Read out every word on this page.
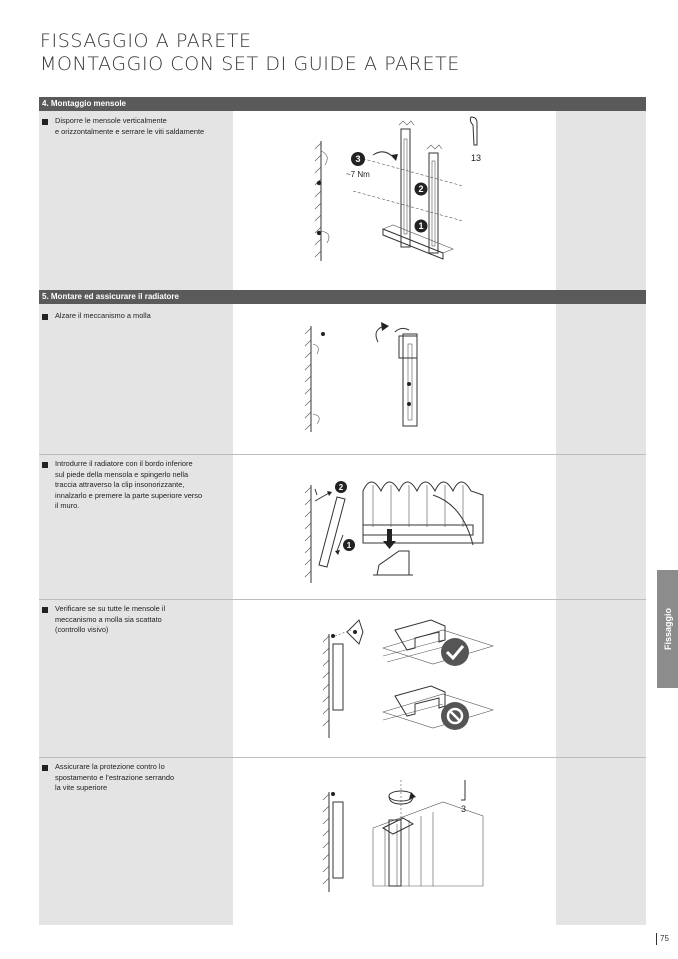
FISSAGGIO A PARETE
MONTAGGIO CON SET DI GUIDE A PARETE
4. Montaggio mensole
Disporre le mensole verticalmente
e orizzontalmente e serrare le viti saldamente
3
~7 Nm
2
1
13
5. Montare ed assicurare il radiatore
Alzare il meccanismo a molla
Introdurre il radiatore con il bordo inferiore
sul piede della mensola e spingerlo nella
traccia attraverso la clip insonorizzante,
innalzarlo e premere la parte superiore verso
il muro.
2
1
Verificare se su tutte le mensole il
meccanismo a molla sia scattato
(controllo visivo)
Assicurare la protezione contro lo
spostamento e l’estrazione serrando
la vite superiore
3
Fissaggio
75
